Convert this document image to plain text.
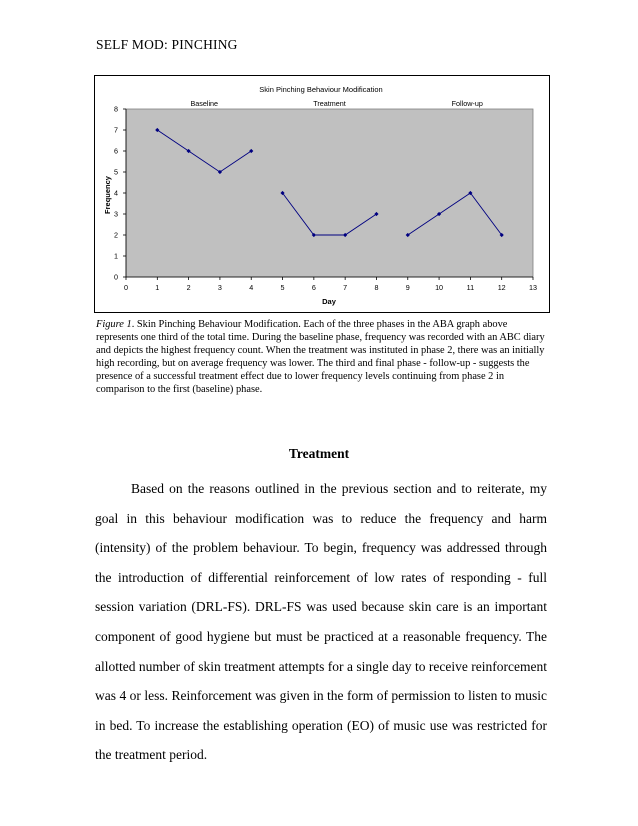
SELF MOD: PINCHING
Skin Pinching Behaviour Modification
0
1
2
3
4
5
6
7
8
0	1	2	3	4	5	6	7	8	9	10	11	12	13
Baseline	Treatment	Follow-up
Day
Frequency
Figure 1. Skin Pinching Behaviour Modification. Each of the three phases in the ABA graph above represents one third of the total time. During the baseline phase, frequency was recorded with an ABC diary and depicts the highest frequency count. When the treatment was instituted in phase 2, there was an initially high recording, but on average frequency was lower. The third and final phase - follow-up - suggests the presence of a successful treatment effect due to lower frequency levels continuing from phase 2 in comparison to the first (baseline) phase.
Treatment

Based on the reasons outlined in the previous section and to reiterate, my goal in this behaviour modification was to reduce the frequency and harm (intensity) of the problem behaviour. To begin, frequency was addressed through the introduction of differential reinforcement of low rates of responding - full session variation (DRL-FS). DRL-FS was used because skin care is an important component of good hygiene but must be practiced at a reasonable frequency. The allotted number of skin treatment attempts for a single day to receive reinforcement was 4 or less. Reinforcement was given in the form of permission to listen to music in bed. To increase the establishing operation (EO) of music use was restricted for the treatment period.
